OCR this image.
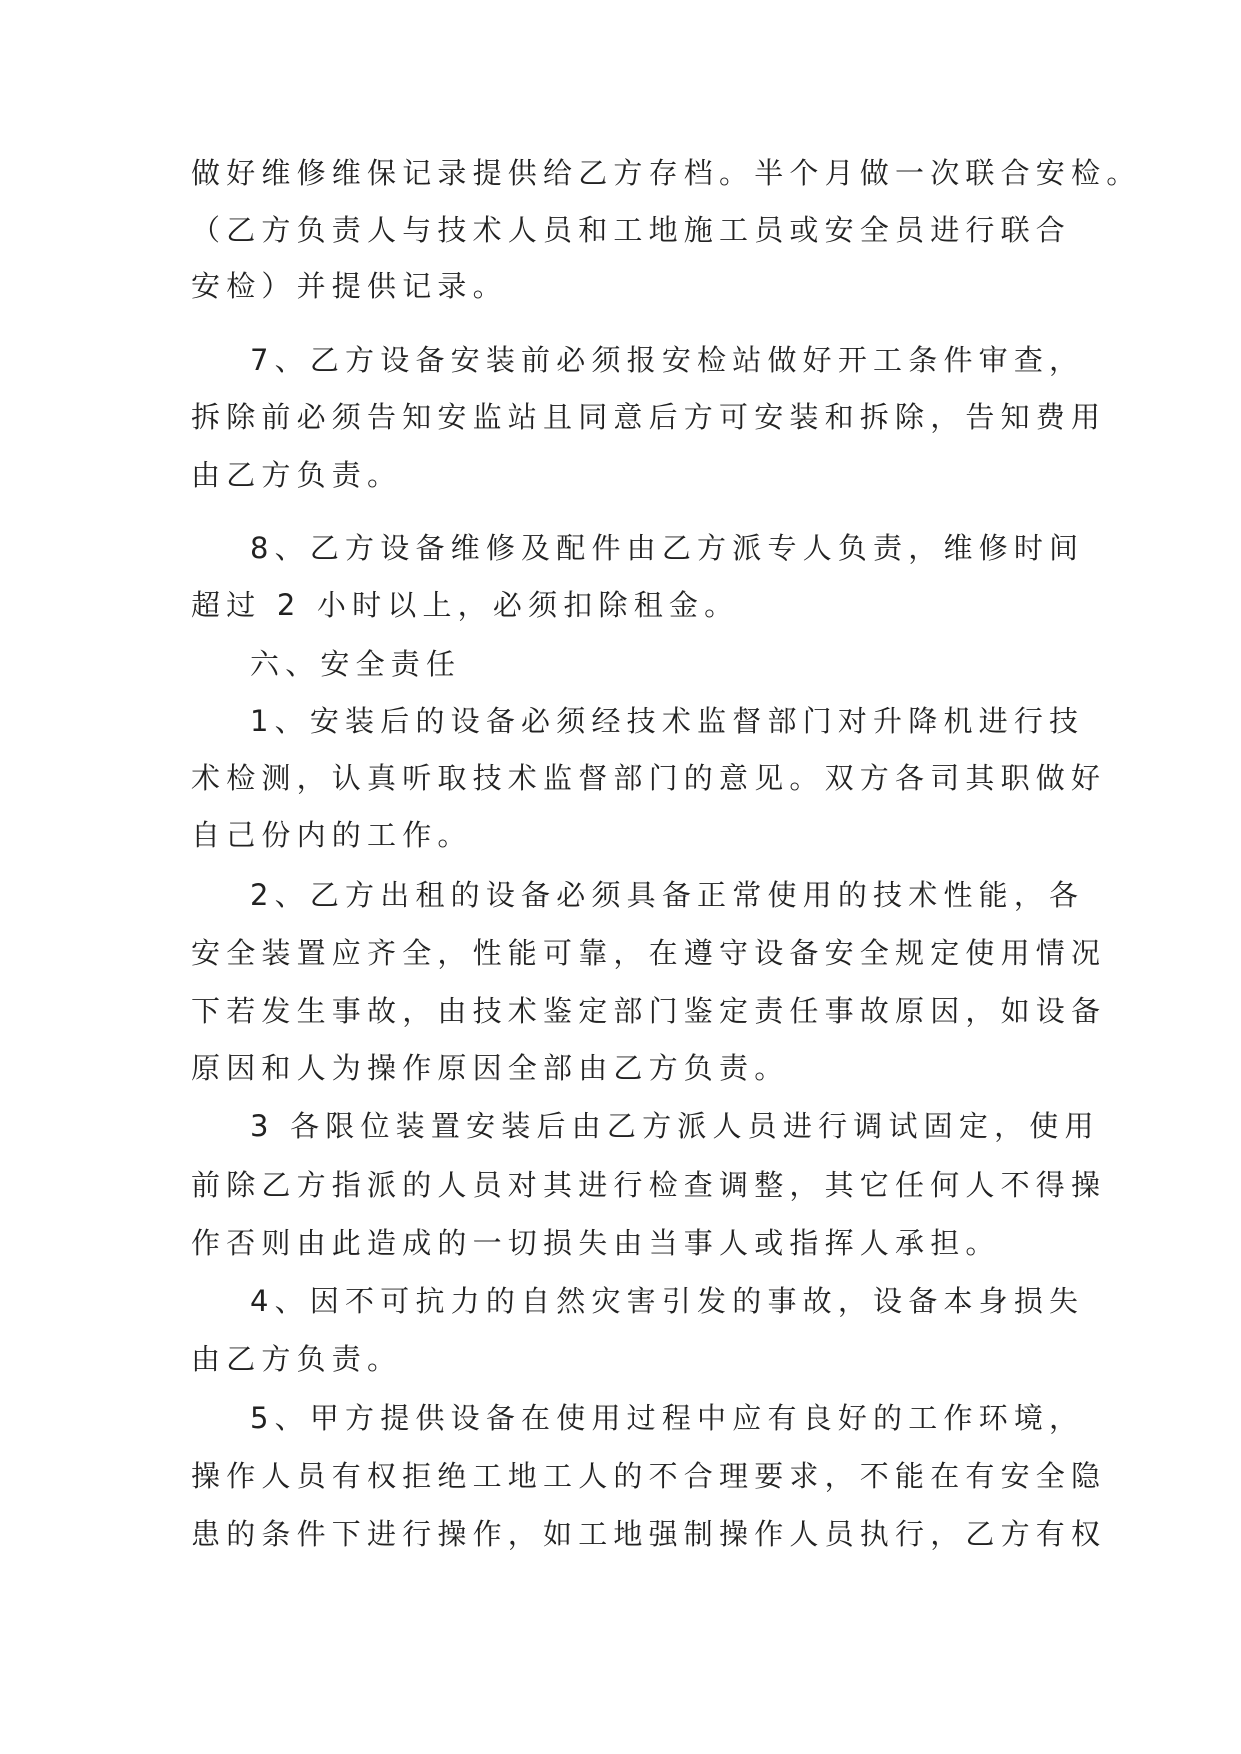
做好维修维保记录提供给乙方存档。半个月做一次联合安检。
（乙方负责人与技术人员和工地施工员或安全员进行联合
安检）并提供记录。
7、乙方设备安装前必须报安检站做好开工条件审查，
拆除前必须告知安监站且同意后方可安装和拆除，告知费用
由乙方负责。
8、乙方设备维修及配件由乙方派专人负责，维修时间
超过 2 小时以上，必须扣除租金。
六、安全责任
1、安装后的设备必须经技术监督部门对升降机进行技
术检测，认真听取技术监督部门的意见。双方各司其职做好
自己份内的工作。
2、乙方出租的设备必须具备正常使用的技术性能，各
安全装置应齐全，性能可靠，在遵守设备安全规定使用情况
下若发生事故，由技术鉴定部门鉴定责任事故原因，如设备
原因和人为操作原因全部由乙方负责。
3 各限位装置安装后由乙方派人员进行调试固定，使用
前除乙方指派的人员对其进行检查调整，其它任何人不得操
作否则由此造成的一切损失由当事人或指挥人承担。
4、因不可抗力的自然灾害引发的事故，设备本身损失
由乙方负责。
5、甲方提供设备在使用过程中应有良好的工作环境，
操作人员有权拒绝工地工人的不合理要求，不能在有安全隐
患的条件下进行操作，如工地强制操作人员执行，乙方有权
